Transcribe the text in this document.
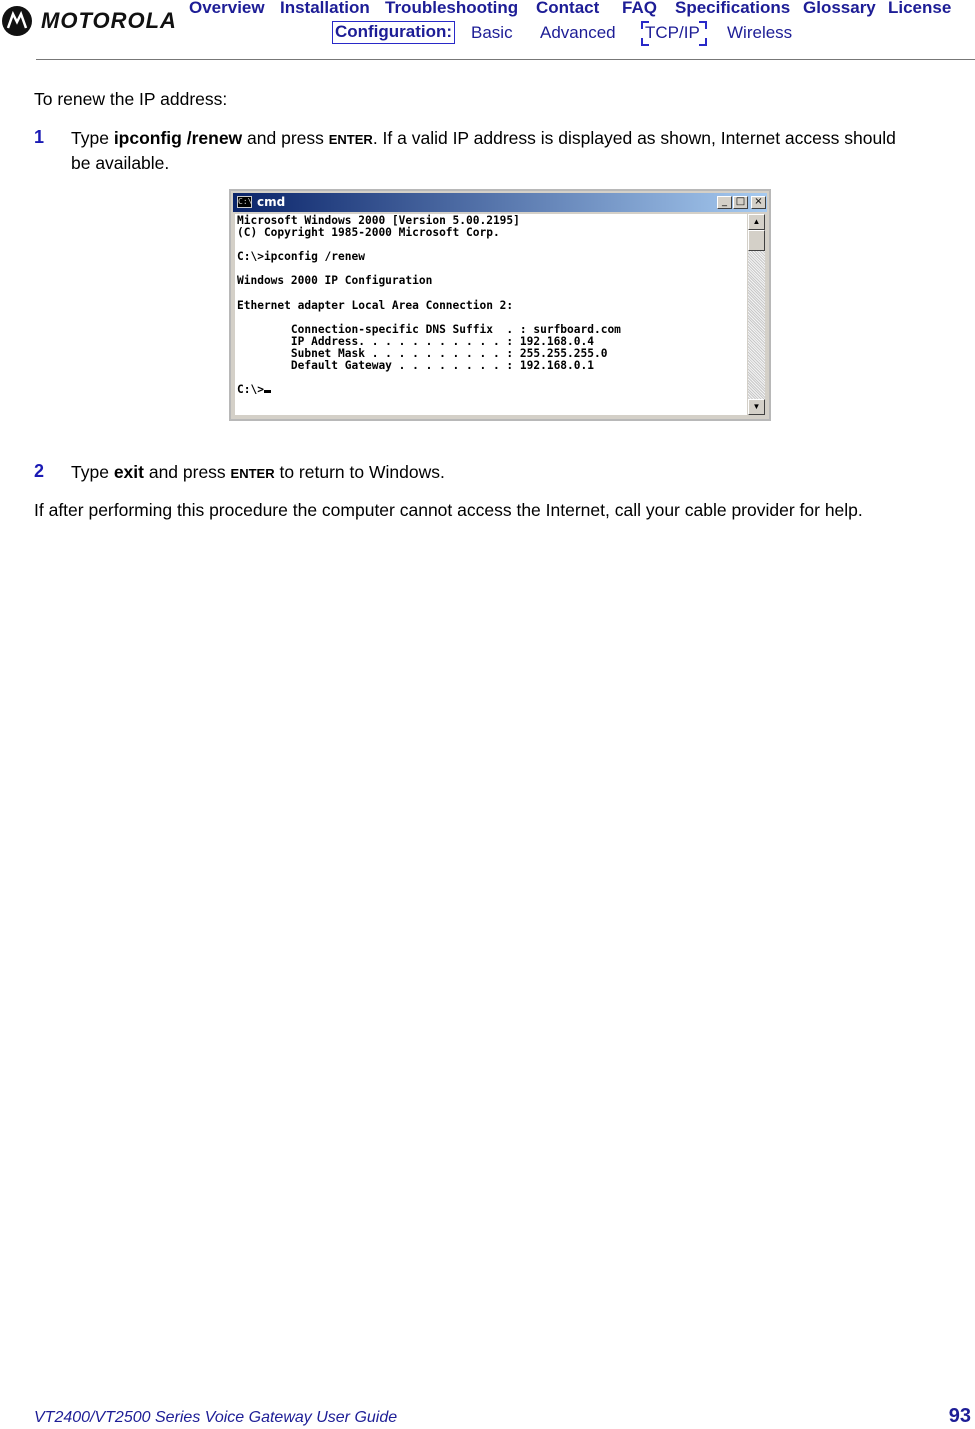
MOTOROLA
Overview Installation Troubleshooting Contact FAQ Specifications Glossary License
Configuration: Basic Advanced TCP/IP Wireless
To renew the IP address:
1 Type ipconfig /renew and press ENTER. If a valid IP address is displayed as shown, Internet access should
be available.
C:\ cmd	_ □ ×
Microsoft Windows 2000 [Version 5.00.2195]
(C) Copyright 1985-2000 Microsoft Corp.

C:\>ipconfig /renew

Windows 2000 IP Configuration

Ethernet adapter Local Area Connection 2:

Connection-specific DNS Suffix  . : surfboard.com
IP Address. . . . . . . . . . . : 192.168.0.4
Subnet Mask . . . . . . . . . . : 255.255.255.0
Default Gateway . . . . . . . . : 192.168.0.1

C:\>
▲
▼
2 Type exit and press ENTER to return to Windows.
If after performing this procedure the computer cannot access the Internet, call your cable provider for help.
VT2400/VT2500 Series Voice Gateway User Guide	93
